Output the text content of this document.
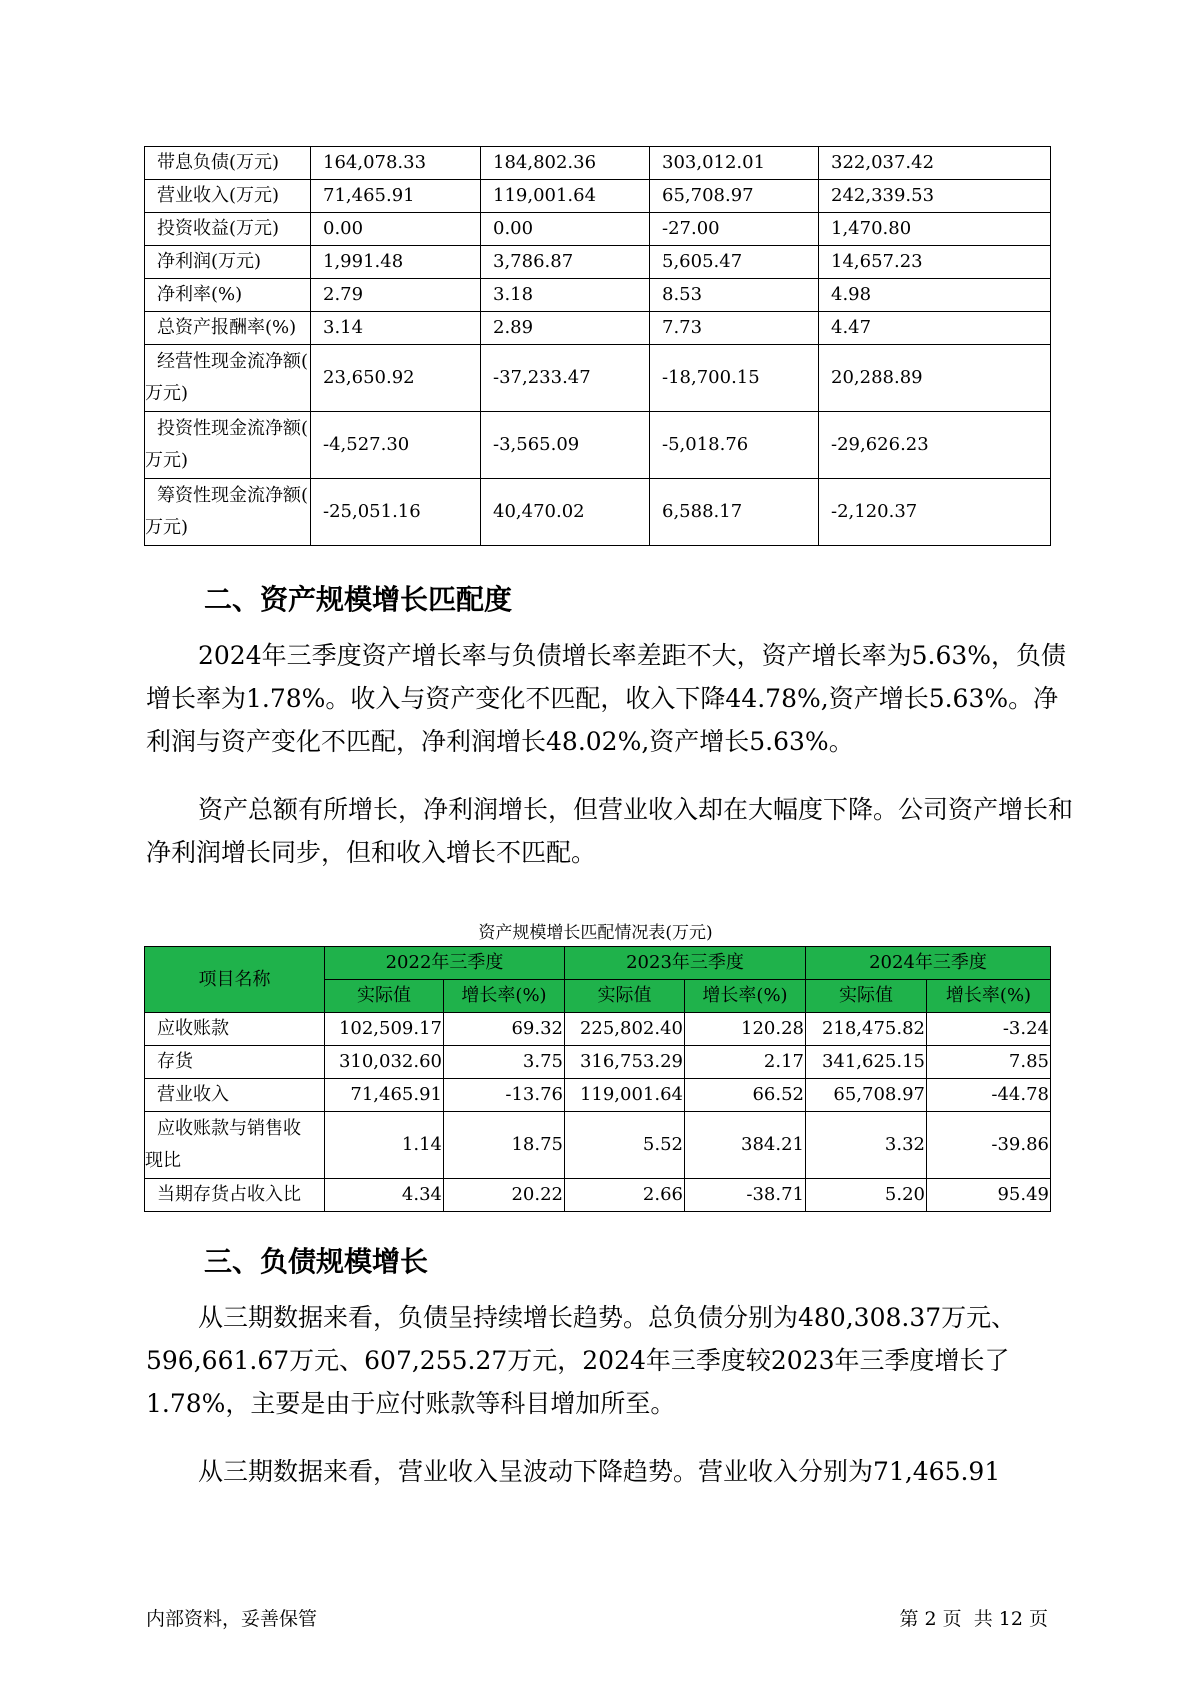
带息负债(万元)	164,078.33	184,802.36	303,012.01	322,037.42
营业收入(万元)	71,465.91	119,001.64	65,708.97	242,339.53
投资收益(万元)	0.00	0.00	-27.00	1,470.80
净利润(万元)	1,991.48	3,786.87	5,605.47	14,657.23
净利率(%)	2.79	3.18	8.53	4.98
总资产报酬率(%)	3.14	2.89	7.73	4.47

经营性现金流净额(
万元)	23,650.92	-37,233.47	-18,700.15	20,288.89

投资性现金流净额(
万元)	-4,527.30	-3,565.09	-5,018.76	-29,626.23

筹资性现金流净额(
万元)	-25,051.16	40,470.02	6,588.17	-2,120.37
二、资产规模增长匹配度

2024年三季度资产增长率与负债增长率差距不大，资产增长率为5.63%，负债增长率为1.78%。收入与资产变化不匹配，收入下降44.78%,资产增长5.63%。净利润与资产变化不匹配，净利润增长48.02%,资产增长5.63%。

资产总额有所增长，净利润增长，但营业收入却在大幅度下降。公司资产增长和净利润增长同步，但和收入增长不匹配。

资产规模增长匹配情况表(万元)
项目名称	2022年三季度		2023年三季度		2024年三季度	
	实际值	增长率(%)	实际值	增长率(%)	实际值	增长率(%)
应收账款	102,509.17	69.32	225,802.40	120.28	218,475.82	-3.24
存货	310,032.60	3.75	316,753.29	2.17	341,625.15	7.85
营业收入	71,465.91	-13.76	119,001.64	66.52	65,708.97	-44.78

应收账款与销售收
现比	1.14	18.75	5.52	384.21	3.32	-39.86
当期存货占收入比	4.34	20.22	2.66	-38.71	5.20	95.49
三、负债规模增长

从三期数据来看，负债呈持续增长趋势。总负债分别为480,308.37万元、596,661.67万元、607,255.27万元，2024年三季度较2023年三季度增长了1.78%，主要是由于应付账款等科目增加所至。

从三期数据来看，营业收入呈波动下降趋势。营业收入分别为71,465.91

内部资料，妥善保管	第 2 页  共 12 页
